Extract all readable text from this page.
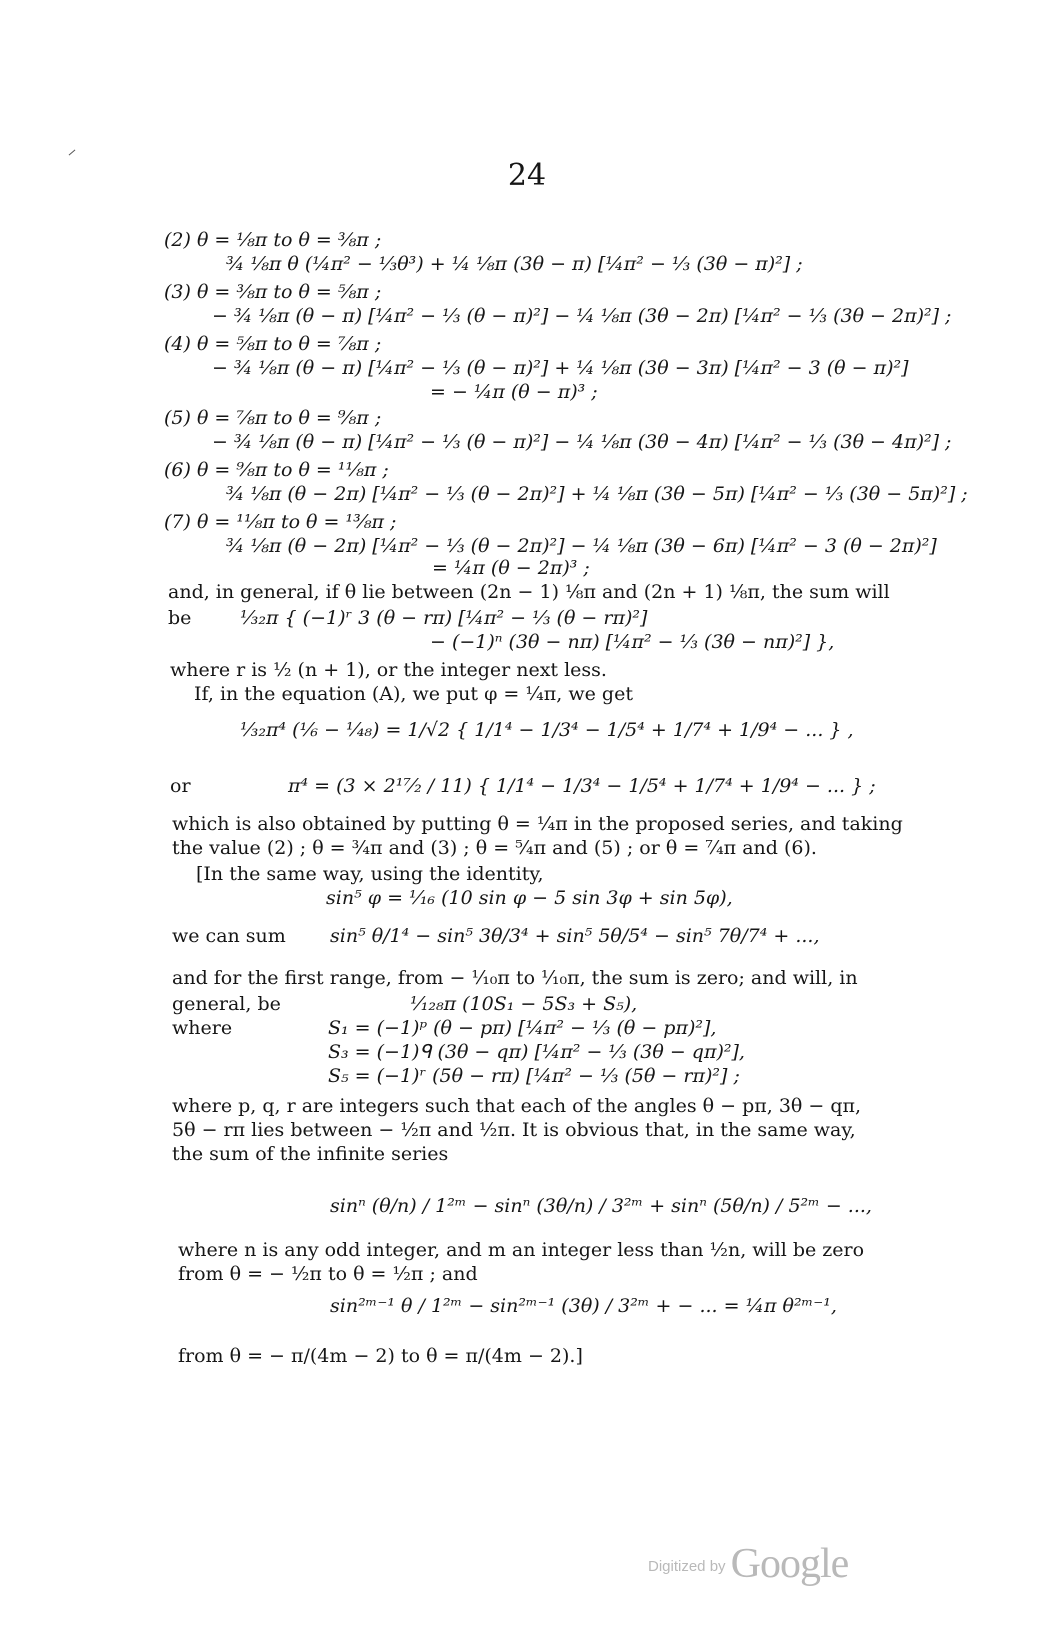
24
(2) θ = ⅛π to θ = ⅜π ;
¾ ⅛π θ (¼π² − ⅓θ³) + ¼ ⅛π (3θ − π) [¼π² − ⅓ (3θ − π)²] ;
(3) θ = ⅜π to θ = ⅝π ;
− ¾ ⅛π (θ − π) [¼π² − ⅓ (θ − π)²] − ¼ ⅛π (3θ − 2π) [¼π² − ⅓ (3θ − 2π)²] ;
(4) θ = ⅝π to θ = ⅞π ;
− ¾ ⅛π (θ − π) [¼π² − ⅓ (θ − π)²] + ¼ ⅛π (3θ − 3π) [¼π² − 3 (θ − π)²]
= − ¼π (θ − π)³ ;
(5) θ = ⅞π to θ = ⁹⁄₈π ;
− ¾ ⅛π (θ − π) [¼π² − ⅓ (θ − π)²] − ¼ ⅛π (3θ − 4π) [¼π² − ⅓ (3θ − 4π)²] ;
(6) θ = ⁹⁄₈π to θ = ¹¹⁄₈π ;
¾ ⅛π (θ − 2π) [¼π² − ⅓ (θ − 2π)²] + ¼ ⅛π (3θ − 5π) [¼π² − ⅓ (3θ − 5π)²] ;
(7) θ = ¹¹⁄₈π to θ = ¹³⁄₈π ;
¾ ⅛π (θ − 2π) [¼π² − ⅓ (θ − 2π)²] − ¼ ⅛π (3θ − 6π) [¼π² − 3 (θ − 2π)²]
= ¼π (θ − 2π)³ ;
and, in general, if θ lie between (2n − 1) ⅛π and (2n + 1) ⅛π, the sum will
be	¹⁄₃₂π { (−1)ʳ 3 (θ − rπ) [¼π² − ⅓ (θ − rπ)²]
− (−1)ⁿ (3θ − nπ) [¼π² − ⅓ (3θ − nπ)²] },
where r is ½ (n + 1), or the integer next less.
If, in the equation (A), we put φ = ¼π, we get
¹⁄₃₂π⁴ (⅙ − ¹⁄₄₈) = 1/√2 { 1/1⁴ − 1/3⁴ − 1/5⁴ + 1/7⁴ + 1/9⁴ − ... } ,
or	π⁴ = (3 × 2¹⁷⁄₂ / 11) { 1/1⁴ − 1/3⁴ − 1/5⁴ + 1/7⁴ + 1/9⁴ − ... } ;
which is also obtained by putting θ = ¼π in the proposed series, and taking
the value (2) ; θ = ¾π and (3) ; θ = ⁵⁄₄π and (5) ; or θ = ⁷⁄₄π and (6).
[In the same way, using the identity,
sin⁵ φ = ¹⁄₁₆ (10 sin φ − 5 sin 3φ + sin 5φ),
we can sum sin⁵ θ/1⁴ − sin⁵ 3θ/3⁴ + sin⁵ 5θ/5⁴ − sin⁵ 7θ/7⁴ + ...,
and for the first range, from − ¹⁄₁₀π to ¹⁄₁₀π, the sum is zero; and will, in
general, be	¹⁄₁₂₈π (10S₁ − 5S₃ + S₅),
where	S₁ = (−1)ᵖ (θ − pπ) [¼π² − ⅓ (θ − pπ)²],
S₃ = (−1)ᑫ (3θ − qπ) [¼π² − ⅓ (3θ − qπ)²],
S₅ = (−1)ʳ (5θ − rπ) [¼π² − ⅓ (5θ − rπ)²] ;
where p, q, r are integers such that each of the angles θ − pπ, 3θ − qπ,
5θ − rπ lies between − ½π and ½π. It is obvious that, in the same way,
the sum of the infinite series
sinⁿ (θ/n) / 1²ᵐ − sinⁿ (3θ/n) / 3²ᵐ + sinⁿ (5θ/n) / 5²ᵐ − ...,
where n is any odd integer, and m an integer less than ½n, will be zero
from θ = − ½π to θ = ½π ; and
sin²ᵐ⁻¹ θ / 1²ᵐ − sin²ᵐ⁻¹ (3θ) / 3²ᵐ + − ... = ¼π θ²ᵐ⁻¹,
from θ = − π/(4m − 2) to θ = π/(4m − 2).]
Digitized by Google
